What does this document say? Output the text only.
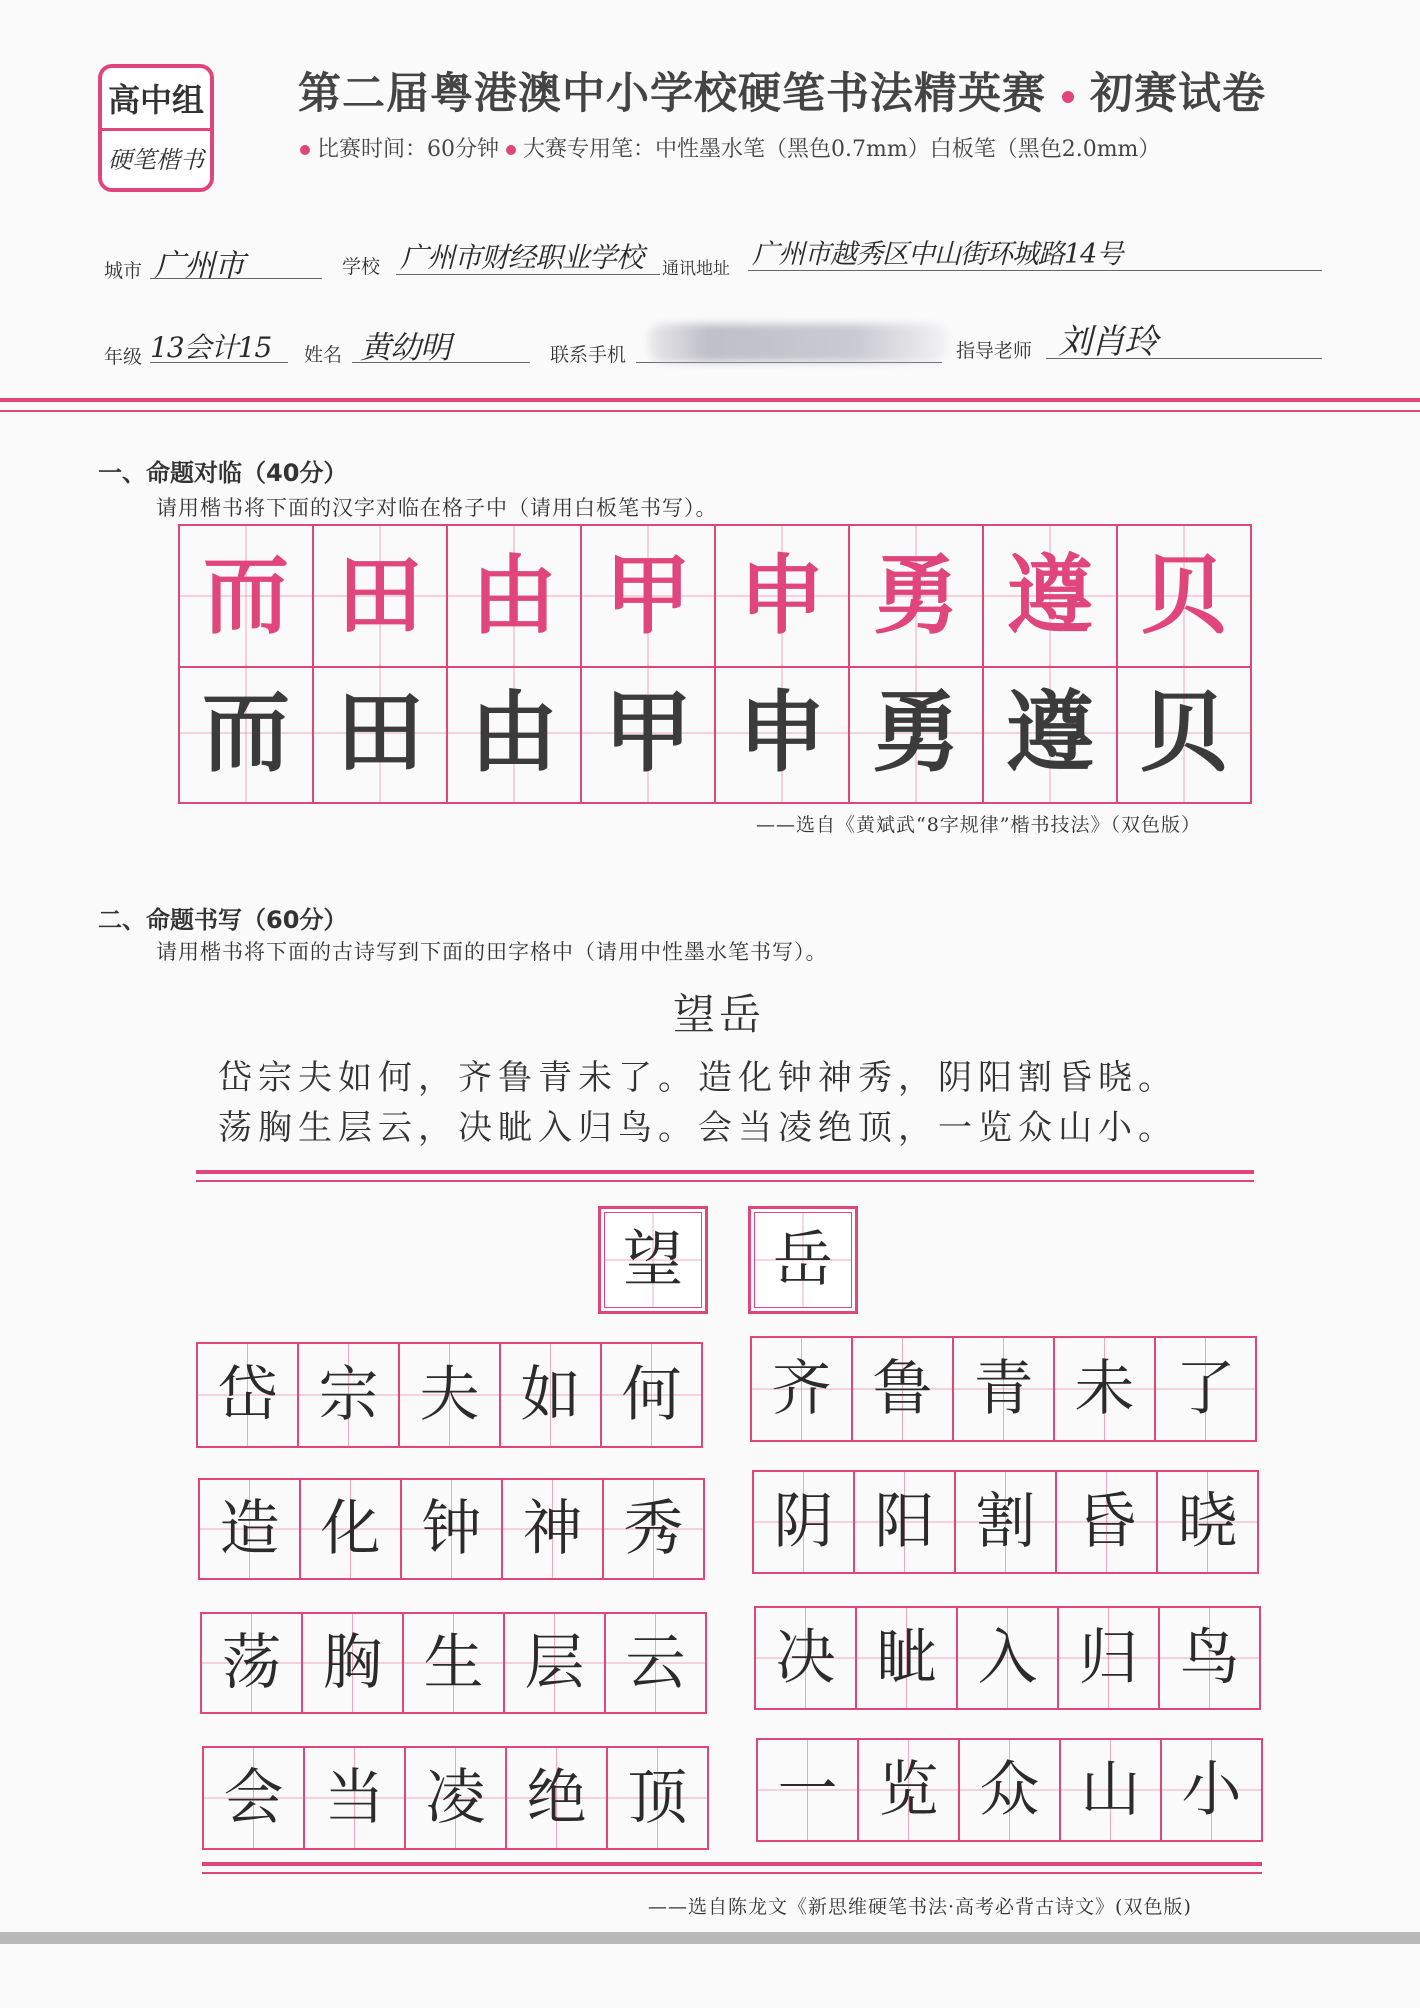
高中组
硬笔楷书
第二届粤港澳中小学校硬笔书法精英赛 初赛试卷
比赛时间：60分钟 大赛专用笔：中性墨水笔（黑色0.7mm）白板笔（黑色2.0mm）
城市 广州市	学校 广州市财经职业学校 通讯地址 广州市越秀区中山街环城路14号
年级 13会计15 姓名 黄幼明	联系手机	指导老师 刘肖玲
一、命题对临（40分）
请用楷书将下面的汉字对临在格子中（请用白板笔书写）。
而 田 由 甲 申 勇 遵 贝
而 田 由 甲 申 勇 遵 贝
——选自《黄斌武“8字规律”楷书技法》（双色版）
二、命题书写（60分）
请用楷书将下面的古诗写到下面的田字格中（请用中性墨水笔书写）。
望岳
岱宗夫如何，齐鲁青未了。造化钟神秀，阴阳割昏晓。
荡胸生层云，决眦入归鸟。会当凌绝顶，一览众山小。
望 岳
岱 宗 夫 如 何 齐 鲁 青 未 了
造 化 钟 神 秀 阴 阳 割 昏 晓
荡 胸 生 层 云 决 眦 入 归 鸟
会 当 凌 绝 顶 一 览 众 山 小
——选自陈龙文《新思维硬笔书法·高考必背古诗文》(双色版)
